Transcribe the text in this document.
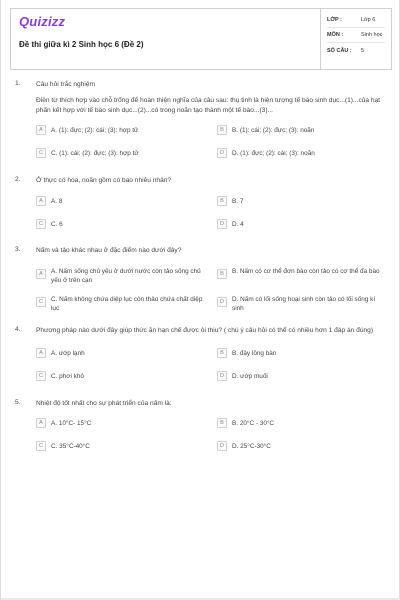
Quizizz
Đề thi giữa kì 2 Sinh học 6 (Đề 2)
LỚP :	Lớp 6
MÔN :	Sinh học
SỐ CÂU :	5
1.	Câu hỏi trắc nghiệm
Điền từ thích hợp vào chỗ trống để hoàn thiện nghĩa của câu sau: thụ tinh là hiện tượng tế bào sinh dục...(1)...của hạt phấn kết hợp với tế bào sinh dục...(2)...có trong noãn tạo thành một tế bào...(3)...
A	A. (1): đực; (2): cái; (3): hợp tử	B	B. (1): cái; (2): đực; (3): noãn
C	C. (1): cái; (2): đực; (3): hợp tử	D	D. (1): đực; (2): cái; (3): noãn
2.	Ở thực có hoa, noãn gồm có bao nhiêu nhân?
A	A. 8	B	B. 7
C	C. 6	D	D. 4
3.	Nấm và tảo khác nhau ở đặc điểm nào dưới đây?
A	A. Nấm sống chủ yếu ở dưới nước còn tảo sống chủ yếu ở trên cạn
B	B. Nấm có cơ thể đơn bào còn tảo có cơ thể đa bào
C	C. Nấm không chứa diệp lục còn thảo chứa chất diệp lục
D	D. Nấm có lối sống hoại sinh còn tảo có lối sống kí sinh
4.	Phương pháp nào dưới đây giúp thức ăn hạn chế được ôi thiu? ( chú ý câu hỏi có thể có nhiều hơn 1 đáp án đúng)
A	A. ướp lạnh	B	B. đậy lồng bàn
C	C. phơi khô	D	D. ướp muối
5.	Nhiệt độ tốt nhất cho sự phát triển của nấm là:
A	A. 10°C- 15°C	B	B. 20°C - 30°C
C	C. 35°C-40°C	D	D. 25°C-30°C
